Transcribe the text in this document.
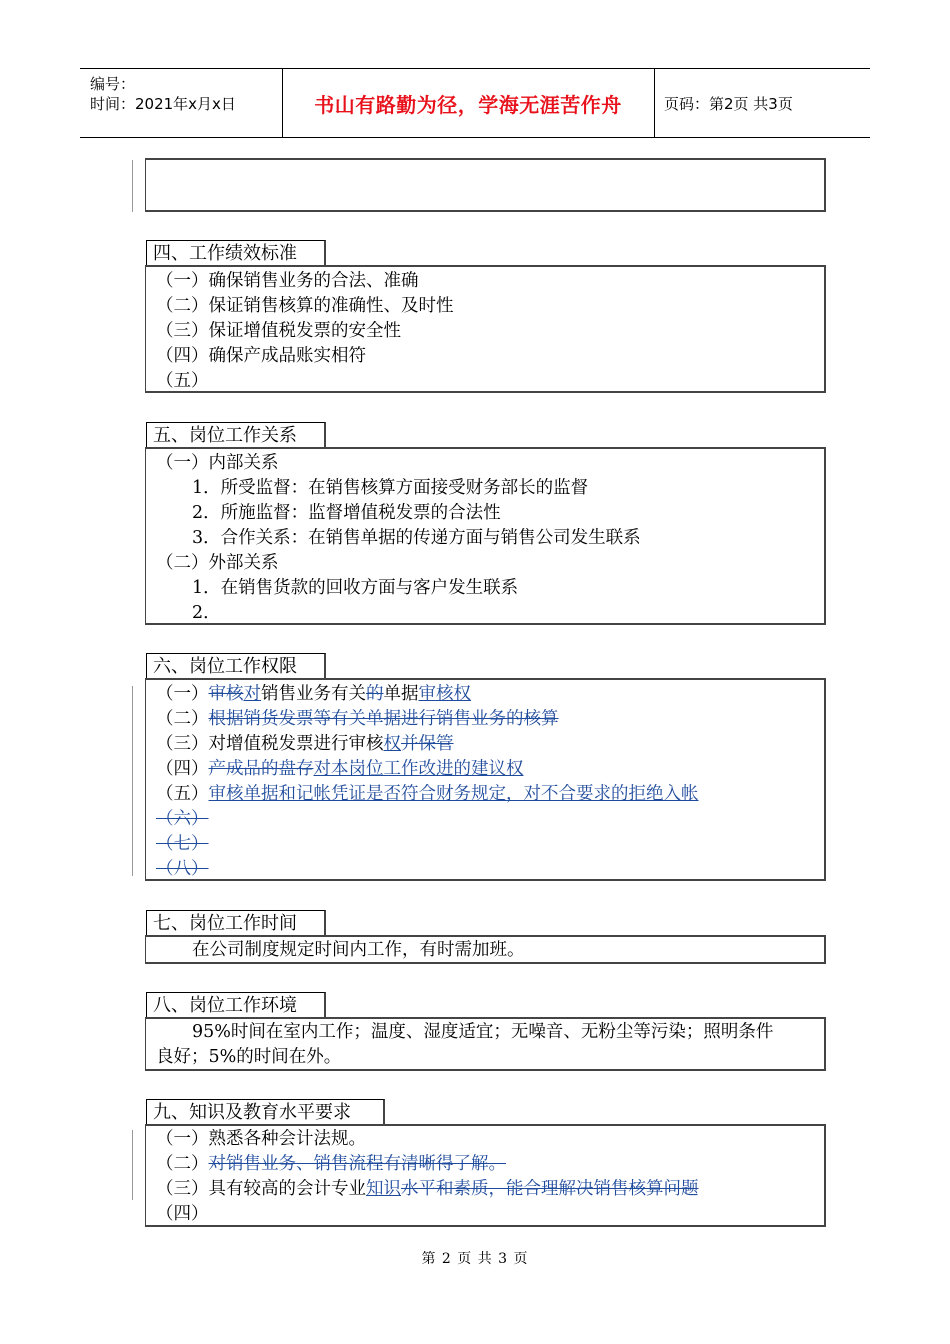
编号：
时间：2021年x月x日	书山有路勤为径，学海无涯苦作舟	页码：第2页 共3页
四、工作绩效标准
（一）确保销售业务的合法、准确
（二）保证销售核算的准确性、及时性
（三）保证增值税发票的安全性
（四）确保产成品账实相符
（五）
五、岗位工作关系
（一）内部关系
1．所受监督：在销售核算方面接受财务部长的监督
2．所施监督：监督增值税发票的合法性
3．合作关系：在销售单据的传递方面与销售公司发生联系
（二）外部关系
1．在销售货款的回收方面与客户发生联系
2．
六、岗位工作权限
（一）审核对销售业务有关的单据审核权
（二）根据销货发票等有关单据进行销售业务的核算
（三）对增值税发票进行审核权并保管
（四）产成品的盘存对本岗位工作改进的建议权
（五）审核单据和记帐凭证是否符合财务规定，对不合要求的拒绝入帐
（六）
（七）
（八）
七、岗位工作时间
在公司制度规定时间内工作，有时需加班。
八、岗位工作环境
95%时间在室内工作；温度、湿度适宜；无噪音、无粉尘等污染；照明条件
良好；5%的时间在外。
九、知识及教育水平要求
（一）熟悉各种会计法规。
（二）对销售业务、销售流程有清晰得了解。
（三）具有较高的会计专业知识水平和素质，能合理解决销售核算问题
（四）
第 2 页 共 3 页
